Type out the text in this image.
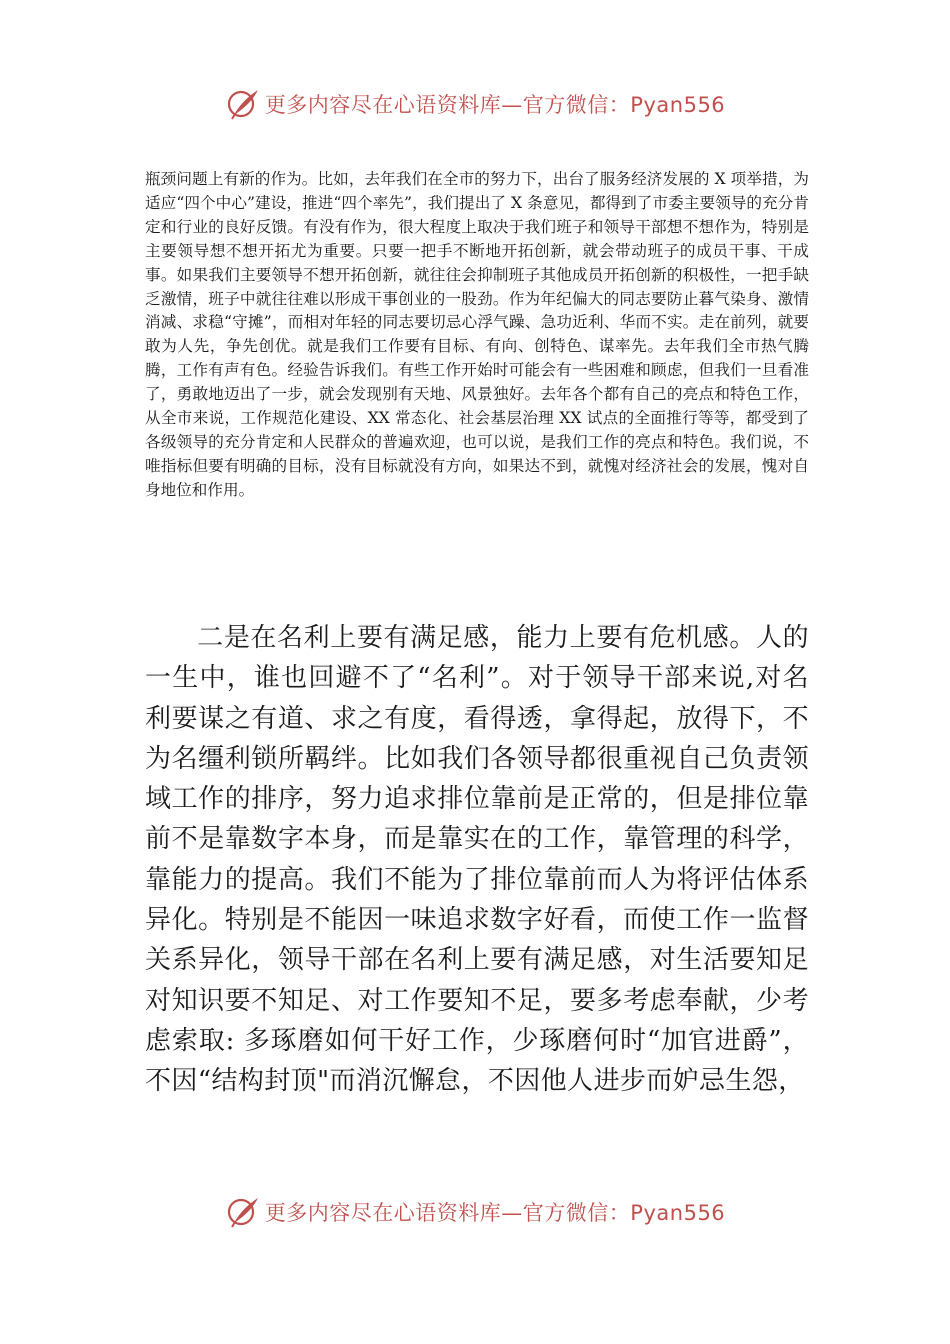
更多内容尽在心语资料库—官方微信：Pyan556

瓶颈问题上有新的作为。比如，去年我们在全市的努力下，出台了服务经济发展的 X 项举措，为适应“四个中心”建设，推进“四个率先”，我们提出了 X 条意见，都得到了市委主要领导的充分肯定和行业的良好反馈。有没有作为，很大程度上取决于我们班子和领导干部想不想作为，特别是主要领导想不想开拓尤为重要。只要一把手不断地开拓创新，就会带动班子的成员干事、干成事。如果我们主要领导不想开拓创新，就往往会抑制班子其他成员开拓创新的积极性，一把手缺乏激情，班子中就往往难以形成干事创业的一股劲。作为年纪偏大的同志要防止暮气染身、激情消减、求稳“守摊”，而相对年轻的同志要切忌心浮气躁、急功近利、华而不实。走在前列，就要敢为人先，争先创优。就是我们工作要有目标、有向、创特色、谋率先。去年我们全市热气腾腾，工作有声有色。经验告诉我们。有些工作开始时可能会有一些困难和顾虑，但我们一旦看准了，勇敢地迈出了一步，就会发现别有天地、风景独好。去年各个都有自己的亮点和特色工作，从全市来说，工作规范化建设、XX 常态化、社会基层治理 XX 试点的全面推行等等，都受到了各级领导的充分肯定和人民群众的普遍欢迎，也可以说，是我们工作的亮点和特色。我们说，不唯指标但要有明确的目标，没有目标就没有方向，如果达不到，就愧对经济社会的发展，愧对自身地位和作用。

二是在名利上要有满足感，能力上要有危机感。人的一生中，谁也回避不了“名利”。对于领导干部来说,对名利要谋之有道、求之有度，看得透，拿得起，放得下，不为名缰利锁所羁绊。比如我们各领导都很重视自己负责领域工作的排序，努力追求排位靠前是正常的，但是排位靠前不是靠数字本身，而是靠实在的工作，靠管理的科学，靠能力的提高。我们不能为了排位靠前而人为将评估体系异化。特别是不能因一味追求数字好看，而使工作一监督关系异化，领导干部在名利上要有满足感，对生活要知足对知识要不知足、对工作要知不足，要多考虑奉献，少考虑索取: 多琢磨如何干好工作，少琢磨何时“加官进爵”，不因“结构封顶"而消沉懈怠，不因他人进步而妒忌生怨，

更多内容尽在心语资料库—官方微信：Pyan556
